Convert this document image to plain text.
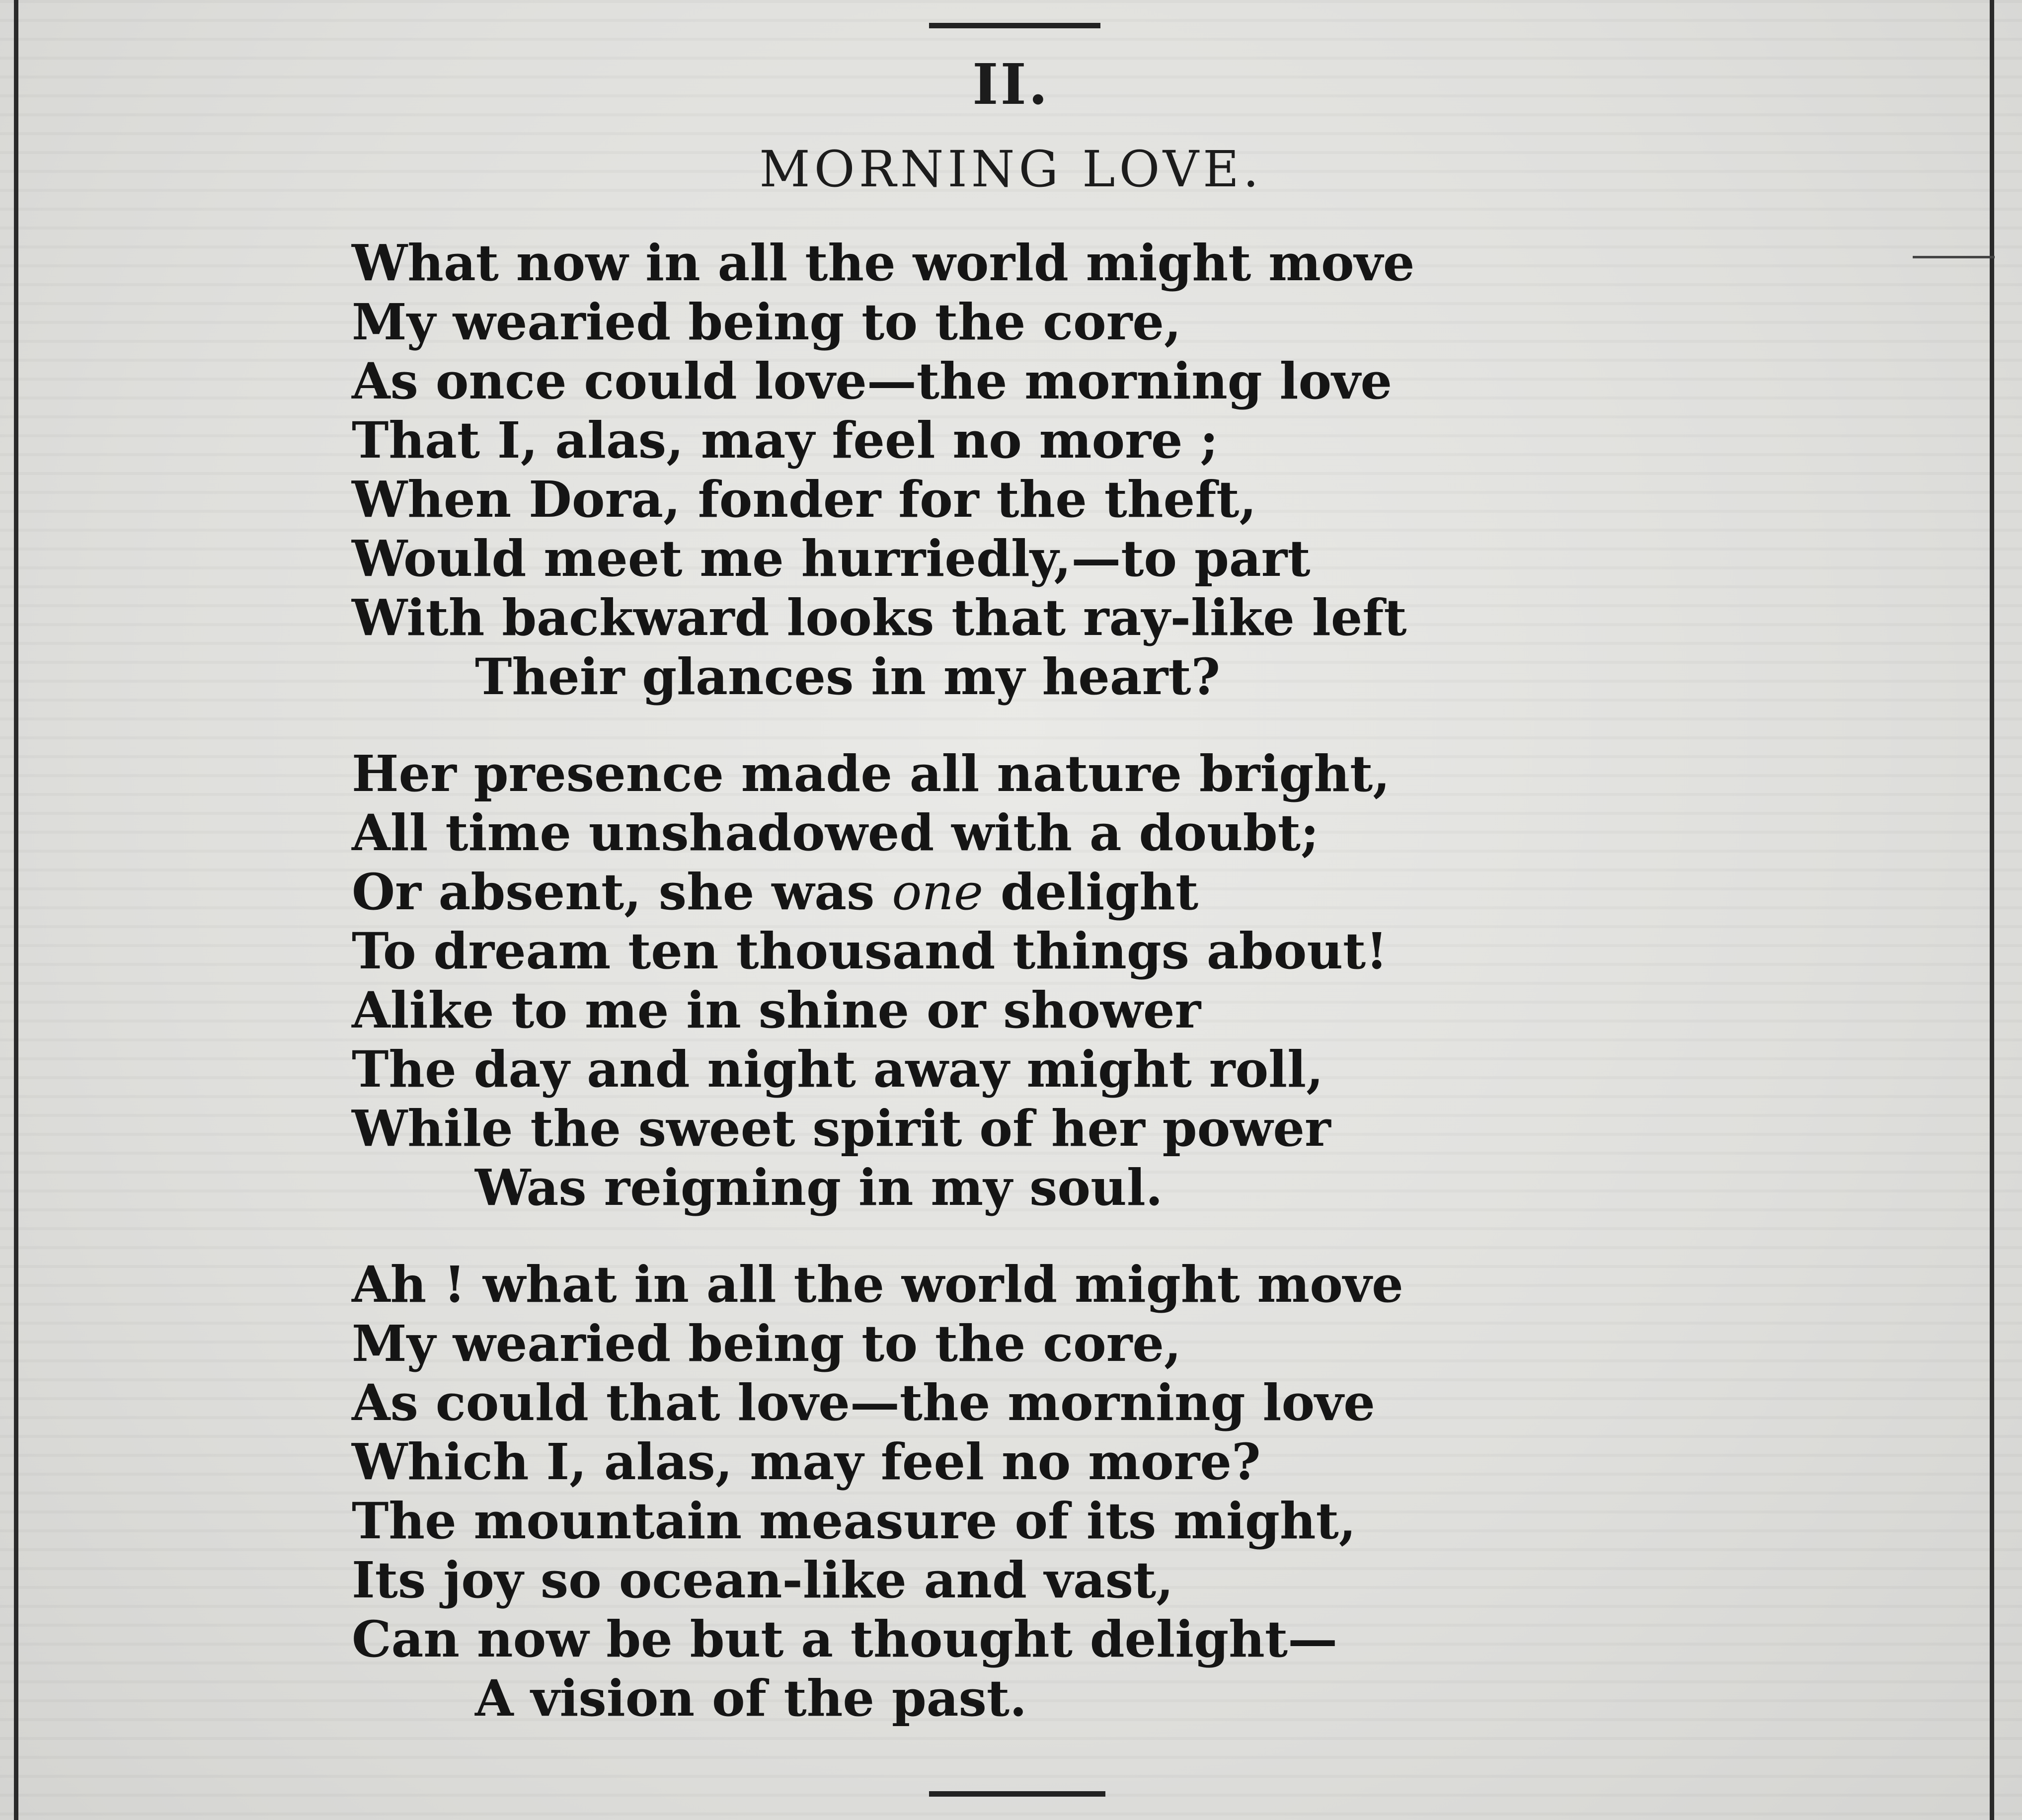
II.
MORNING LOVE.
What now in all the world might move
My wearied being to the core,
As once could love—the morning love
That I, alas, may feel no more ;
When Dora, fonder for the theft,
Would meet me hurriedly,—to part
With backward looks that ray-like left
Their glances in my heart?
Her presence made all nature bright,
All time unshadowed with a doubt;
Or absent, she was one delight
To dream ten thousand things about!
Alike to me in shine or shower
The day and night away might roll,
While the sweet spirit of her power
Was reigning in my soul.
Ah ! what in all the world might move
My wearied being to the core,
As could that love—the morning love
Which I, alas, may feel no more?
The mountain measure of its might,
Its joy so ocean-like and vast,
Can now be but a thought delight—
A vision of the past.
